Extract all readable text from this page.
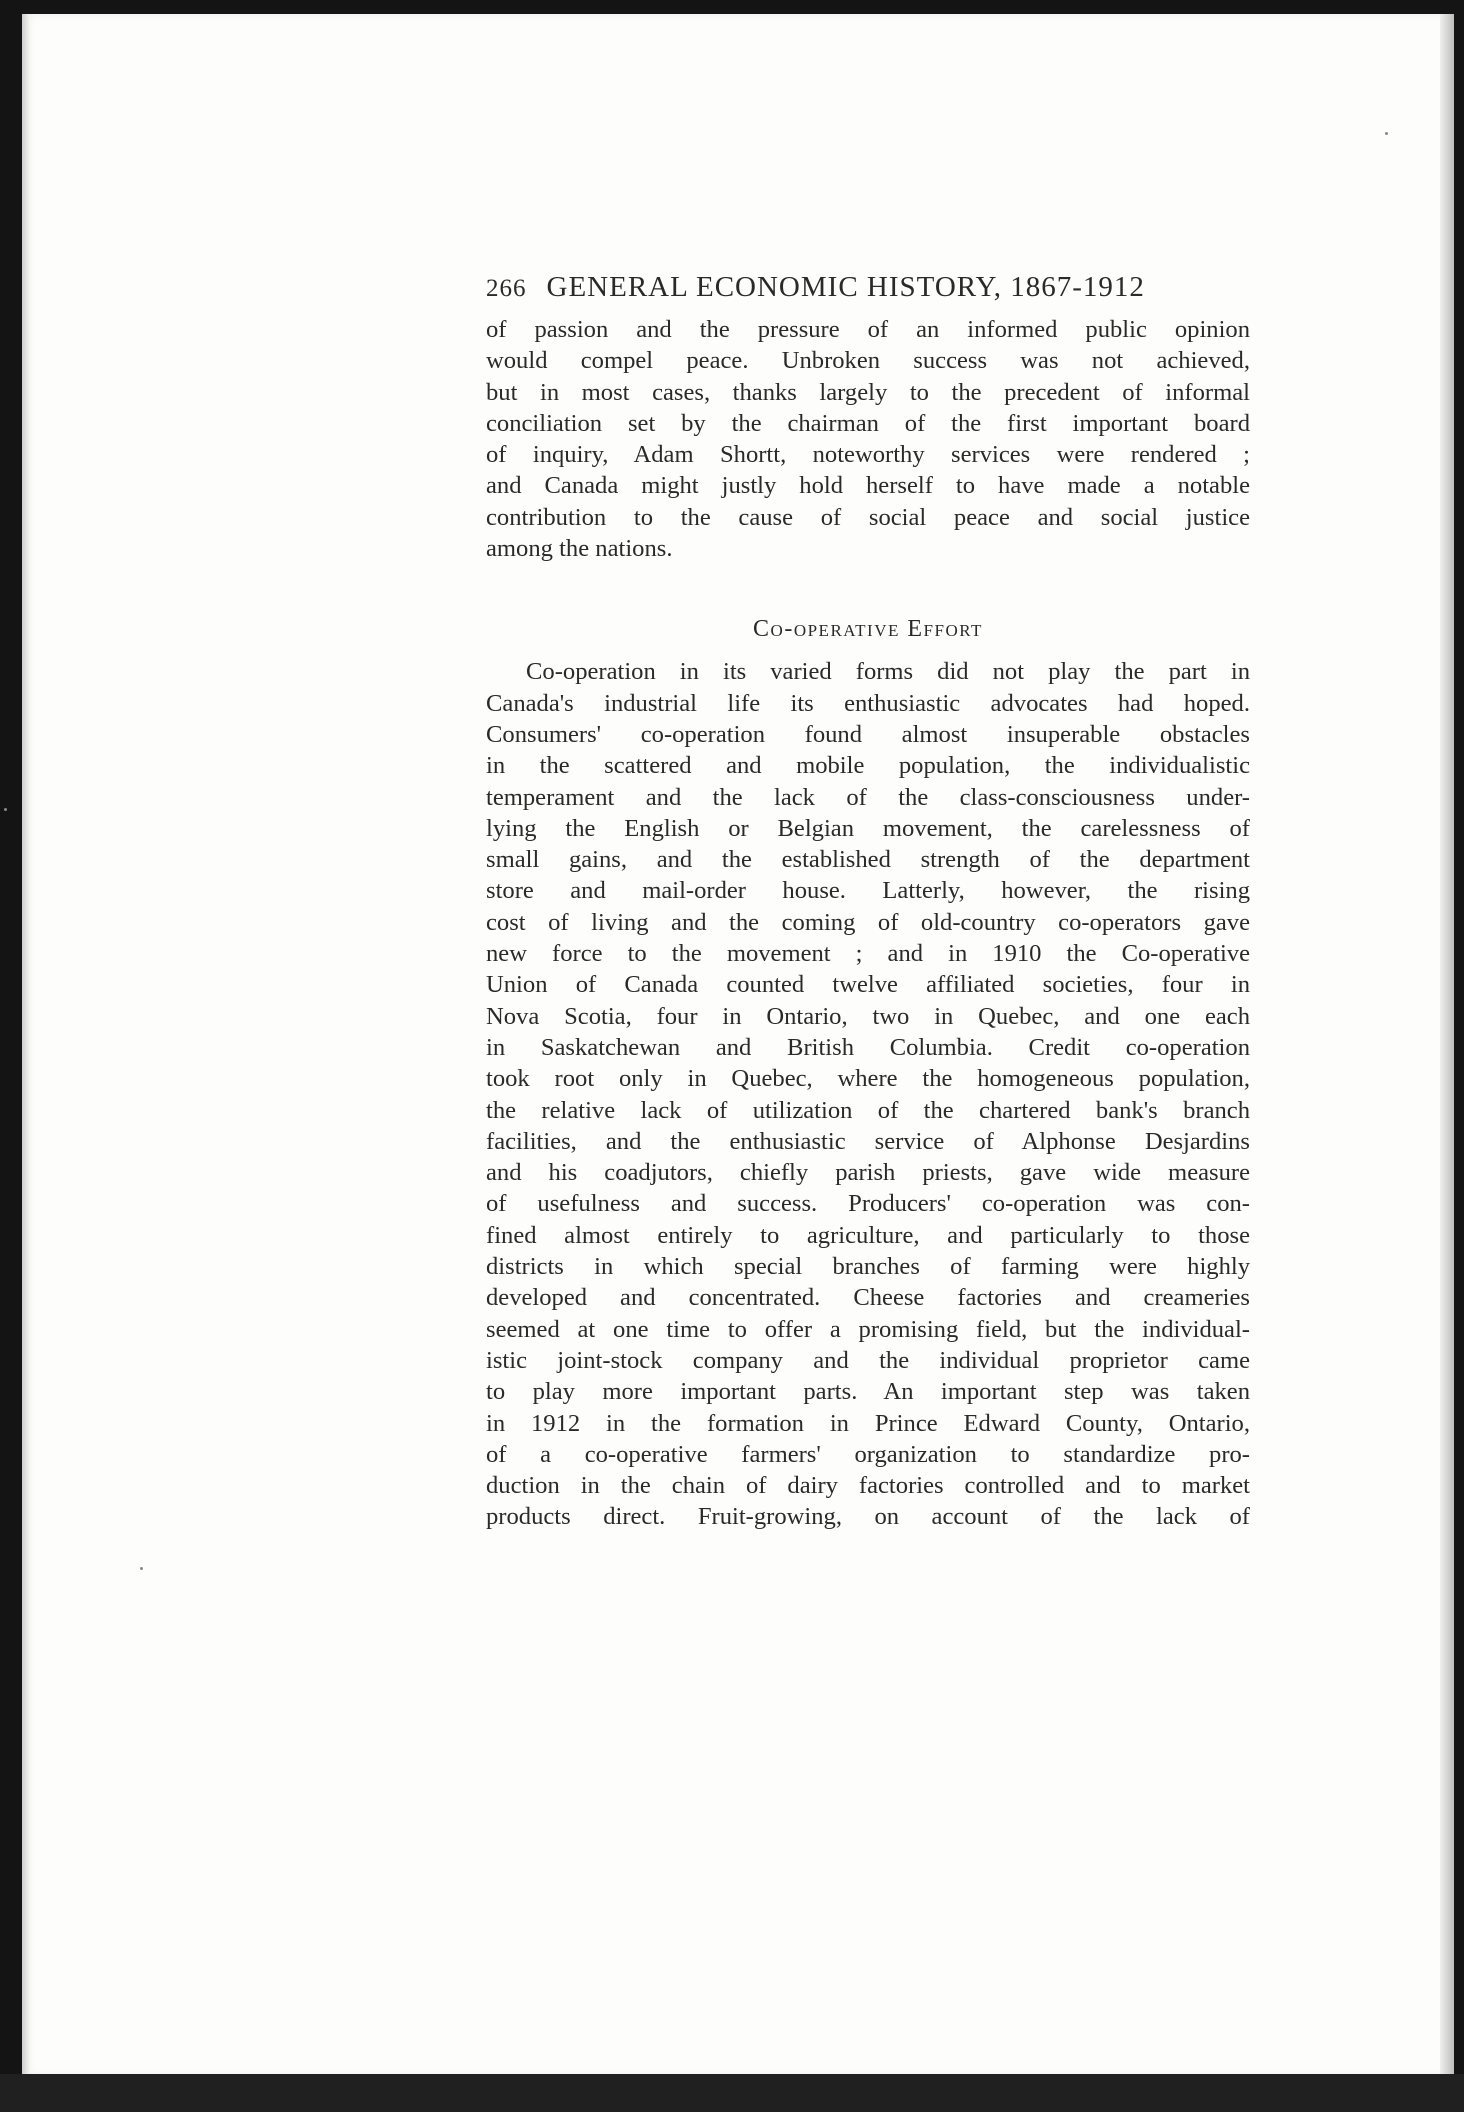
266 GENERAL ECONOMIC HISTORY, 1867-1912

of passion and the pressure of an informed public opinion
would compel peace. Unbroken success was not achieved,
but in most cases, thanks largely to the precedent of informal
conciliation set by the chairman of the first important board
of inquiry, Adam Shortt, noteworthy services were rendered ;
and Canada might justly hold herself to have made a notable
contribution to the cause of social peace and social justice
among the nations.

Co-operative Effort

Co-operation in its varied forms did not play the part in
Canada's industrial life its enthusiastic advocates had hoped.
Consumers' co-operation found almost insuperable obstacles
in the scattered and mobile population, the individualistic
temperament and the lack of the class-consciousness under-
lying the English or Belgian movement, the carelessness of
small gains, and the established strength of the department
store and mail-order house. Latterly, however, the rising
cost of living and the coming of old-country co-operators gave
new force to the movement ; and in 1910 the Co-operative
Union of Canada counted twelve affiliated societies, four in
Nova Scotia, four in Ontario, two in Quebec, and one each
in Saskatchewan and British Columbia. Credit co-operation
took root only in Quebec, where the homogeneous population,
the relative lack of utilization of the chartered bank's branch
facilities, and the enthusiastic service of Alphonse Desjardins
and his coadjutors, chiefly parish priests, gave wide measure
of usefulness and success. Producers' co-operation was con-
fined almost entirely to agriculture, and particularly to those
districts in which special branches of farming were highly
developed and concentrated. Cheese factories and creameries
seemed at one time to offer a promising field, but the individual-
istic joint-stock company and the individual proprietor came
to play more important parts. An important step was taken
in 1912 in the formation in Prince Edward County, Ontario,
of a co-operative farmers' organization to standardize pro-
duction in the chain of dairy factories controlled and to market
products direct. Fruit-growing, on account of the lack of
